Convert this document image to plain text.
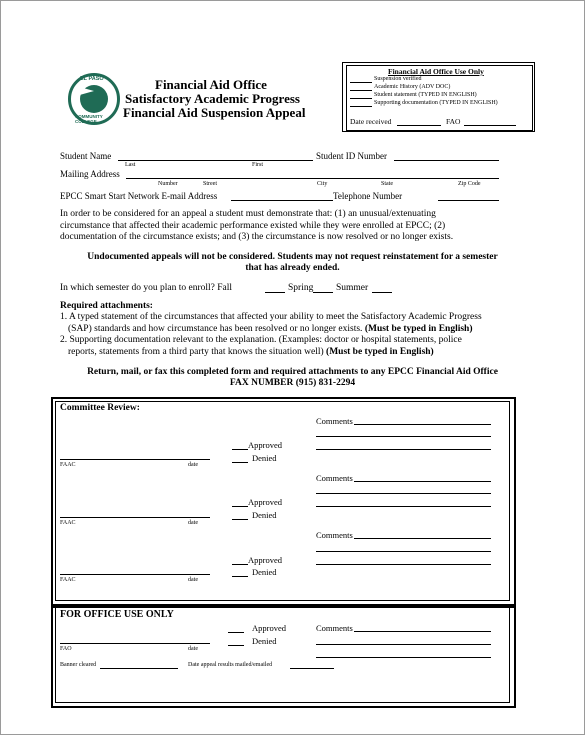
EL PASO
COMMUNITY COLLEGE
Financial Aid Office
Satisfactory Academic Progress
Financial Aid Suspension Appeal
Financial Aid Office Use Only
Suspension verified
Academic History (ADV DOC)
Student statement (TYPED IN ENGLISH)
Supporting documentation (TYPED IN ENGLISH)
Date received	FAO
Student Name
Last	First
Student ID Number
Mailing Address
Number	Street	City	State	Zip Code
EPCC Smart Start Network E-mail Address	Telephone Number
In order to be considered for an appeal a student must demonstrate that: (1) an unusual/extenuating
circumstance that affected their academic performance existed while they were enrolled at EPCC; (2)
documentation of the circumstance exists; and (3) the circumstance is now resolved or no longer exists.
Undocumented appeals will not be considered. Students may not request reinstatement for a semester
that has already ended.
In which semester do you plan to enroll? Fall	Spring Summer
Required attachments:
1. A typed statement of the circumstances that affected your ability to meet the Satisfactory Academic Progress
(SAP) standards and how circumstance has been resolved or no longer exists. (Must be typed in English)
2. Supporting documentation relevant to the explanation. (Examples: doctor or hospital statements, police
reports, statements from a third party that knows the situation well) (Must be typed in English)
Return, mail, or fax this completed form and required attachments to any EPCC Financial Aid Office
FAX NUMBER (915) 831-2294
Committee Review:
FAAC	date
Approved
Denied
Comments
FAAC	date
Approved
Denied
Comments
FAAC	date
Approved
Denied
Comments
FOR OFFICE USE ONLY
Approved
Denied
Comments
FAO	date
Banner cleared	Date appeal results mailed/emailed
